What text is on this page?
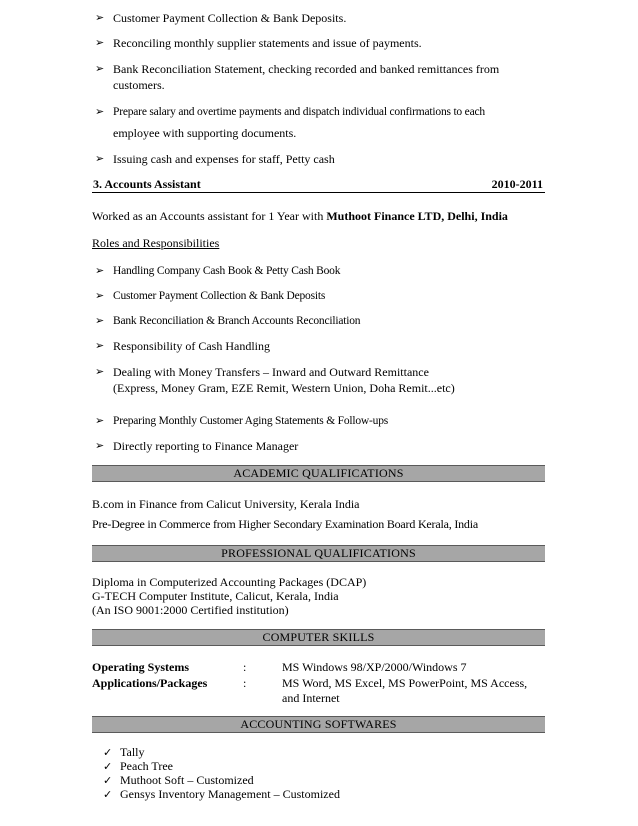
➢ Customer Payment Collection & Bank Deposits.
➢ Reconciling monthly supplier statements and issue of payments.
➢ Bank Reconciliation Statement, checking recorded and banked remittances from
customers.
➢ Prepare salary and overtime payments and dispatch individual confirmations to each
employee with supporting documents.
➢ Issuing cash and expenses for staff, Petty cash
3. Accounts Assistant	2010-2011
Worked as an Accounts assistant for 1 Year with Muthoot Finance LTD, Delhi, India
Roles and Responsibilities
➢ Handling Company Cash Book & Petty Cash Book
➢ Customer Payment Collection & Bank Deposits
➢ Bank Reconciliation & Branch Accounts Reconciliation
➢ Responsibility of Cash Handling
➢ Dealing with Money Transfers – Inward and Outward Remittance
(Express, Money Gram, EZE Remit, Western Union, Doha Remit...etc)
➢ Preparing Monthly Customer Aging Statements & Follow-ups
➢ Directly reporting to Finance Manager
ACADEMIC QUALIFICATIONS
B.com in Finance from Calicut University, Kerala India
Pre-Degree in Commerce from Higher Secondary Examination Board Kerala, India
PROFESSIONAL QUALIFICATIONS
Diploma in Computerized Accounting Packages (DCAP)
G-TECH Computer Institute, Calicut, Kerala, India
(An ISO 9001:2000 Certified institution)
COMPUTER SKILLS
Operating Systems	:	MS Windows 98/XP/2000/Windows 7
Applications/Packages	:	MS Word, MS Excel, MS PowerPoint, MS Access,
and Internet
ACCOUNTING SOFTWARES
✓ Tally
✓ Peach Tree
✓ Muthoot Soft – Customized
✓ Gensys Inventory Management – Customized
